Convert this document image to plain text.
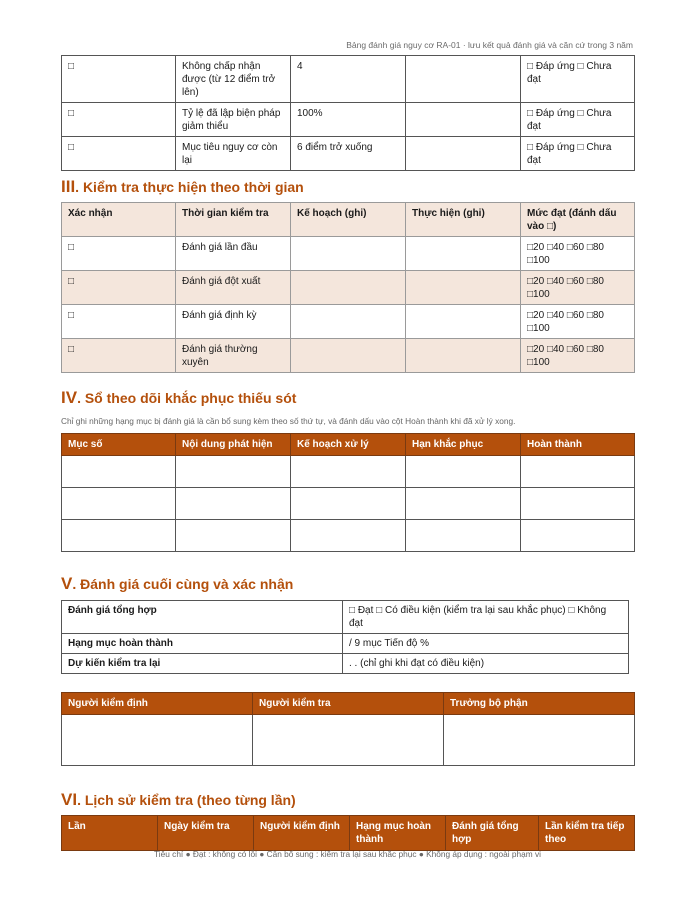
Bảng đánh giá nguy cơ RA-01 · lưu kết quả đánh giá và căn cứ trong 3 năm
□	Không chấp nhận được (từ 12 điểm trở lên)	4		□ Đáp ứng □ Chưa đạt
□	Tỷ lệ đã lập biện pháp giảm thiểu	100%		□ Đáp ứng □ Chưa đạt
□	Mục tiêu nguy cơ còn lại	6 điểm trở xuống		□ Đáp ứng □ Chưa đạt
III. Kiểm tra thực hiện theo thời gian
Xác nhận	Thời gian kiểm tra	Kế hoạch (ghi)	Thực hiện (ghi)	Mức đạt (đánh dấu vào □)
□	Đánh giá lần đầu			□20 □40 □60 □80 □100
□	Đánh giá đột xuất			□20 □40 □60 □80 □100
□	Đánh giá định kỳ			□20 □40 □60 □80 □100
□	Đánh giá thường xuyên			□20 □40 □60 □80 □100
IV. Sổ theo dõi khắc phục thiếu sót
Chỉ ghi những hạng mục bị đánh giá là cần bổ sung kèm theo số thứ tự, và đánh dấu vào cột Hoàn thành khi đã xử lý xong.
Mục số	Nội dung phát hiện	Kế hoạch xử lý	Hạn khắc phục	Hoàn thành

V. Đánh giá cuối cùng và xác nhận
Đánh giá tổng hợp	□ Đạt □ Có điều kiện (kiểm tra lại sau khắc phục) □ Không đạt
Hạng mục hoàn thành	/ 9 mục Tiến độ %
Dự kiến kiểm tra lại	. . (chỉ ghi khi đạt có điều kiện)
Người kiểm định	Người kiểm tra	Trưởng bộ phận

VI. Lịch sử kiểm tra (theo từng lần)
Lần	Ngày kiểm tra	Người kiểm định	Hạng mục hoàn thành	Đánh giá tổng hợp	Lần kiểm tra tiếp theo
Tiêu chí ● Đạt : không có lỗi ● Cần bổ sung : kiểm tra lại sau khắc phục ● Không áp dụng : ngoài phạm vi
